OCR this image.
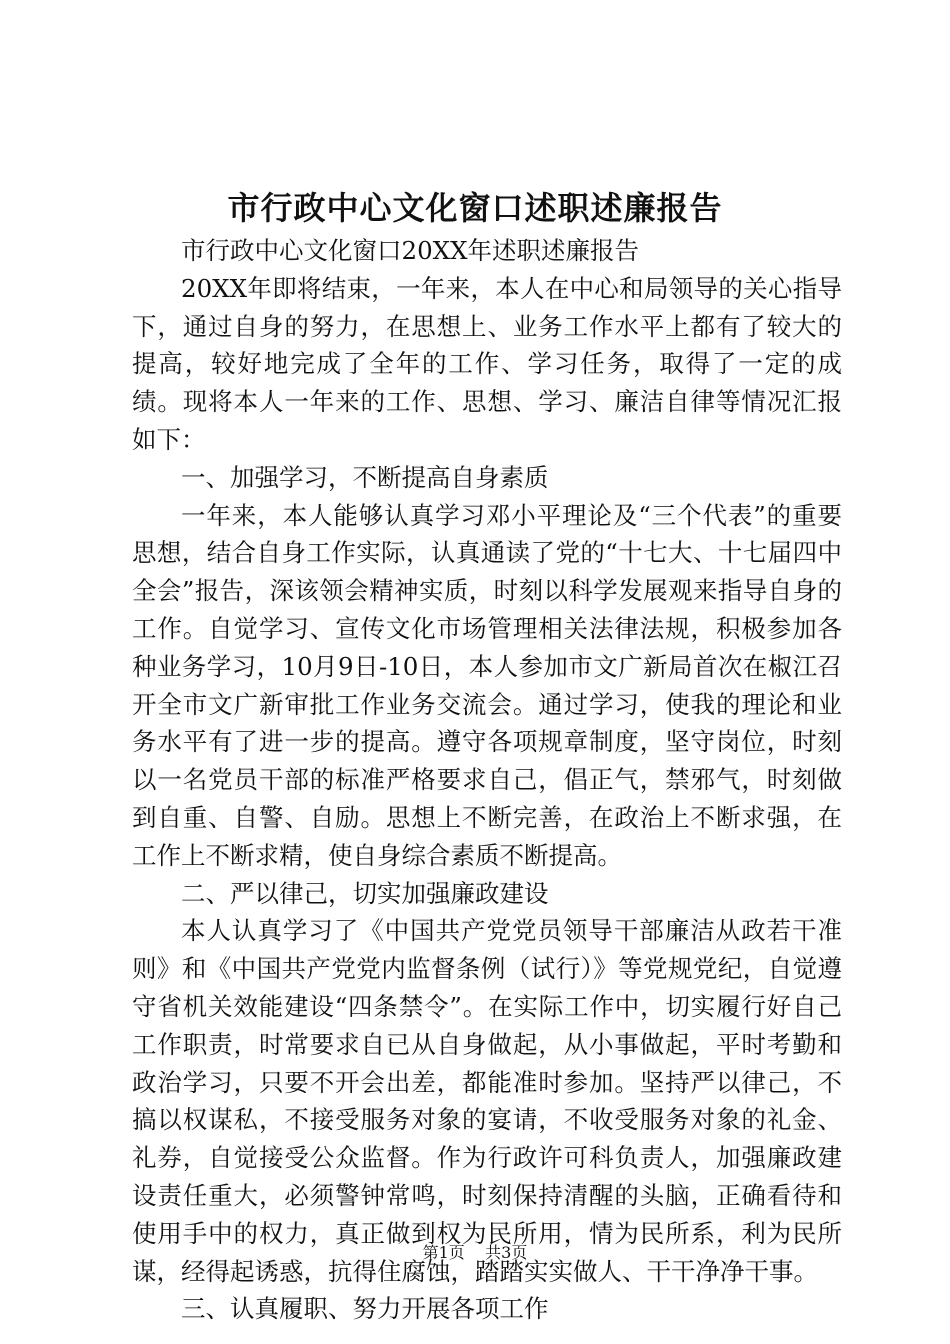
市行政中心文化窗口述职述廉报告

市行政中心文化窗口20XX年述职述廉报告

20XX年即将结束，一年来，本人在中心和局领导的关心指导下，通过自身的努力，在思想上、业务工作水平上都有了较大的提高，较好地完成了全年的工作、学习任务，取得了一定的成绩。现将本人一年来的工作、思想、学习、廉洁自律等情况汇报如下：

一、加强学习，不断提高自身素质

一年来，本人能够认真学习邓小平理论及“三个代表”的重要思想，结合自身工作实际，认真通读了党的“十七大、十七届四中全会”报告，深该领会精神实质，时刻以科学发展观来指导自身的工作。自觉学习、宣传文化市场管理相关法律法规，积极参加各种业务学习，10月9日-10日，本人参加市文广新局首次在椒江召开全市文广新审批工作业务交流会。通过学习，使我的理论和业务水平有了进一步的提高。遵守各项规章制度，坚守岗位，时刻以一名党员干部的标准严格要求自己，倡正气，禁邪气，时刻做到自重、自警、自励。思想上不断完善，在政治上不断求强，在工作上不断求精，使自身综合素质不断提高。

二、严以律己，切实加强廉政建设

本人认真学习了《中国共产党党员领导干部廉洁从政若干准则》和《中国共产党党内监督条例（试行）》等党规党纪，自觉遵守省机关效能建设“四条禁令”。在实际工作中，切实履行好自己工作职责，时常要求自已从自身做起，从小事做起，平时考勤和政治学习，只要不开会出差，都能准时参加。坚持严以律己，不搞以权谋私，不接受服务对象的宴请，不收受服务对象的礼金、礼券，自觉接受公众监督。作为行政许可科负责人，加强廉政建设责任重大，必须警钟常鸣，时刻保持清醒的头脑，正确看待和使用手中的权力，真正做到权为民所用，情为民所系，利为民所谋，经得起诱惑，抗得住腐蚀，踏踏实实做人、干干净净干事。

三、认真履职、努力开展各项工作

第1页 共3页
